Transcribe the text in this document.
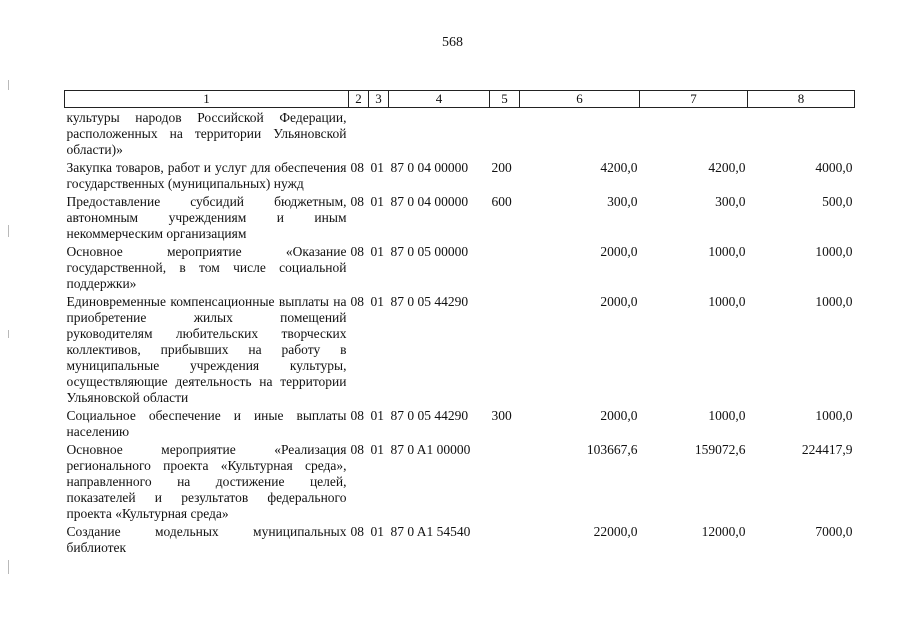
568
1	2	3	4	5	6	7	8
культуры народов Российской Федерации, расположенных на территории Ульяновской области)»							
Закупка товаров, работ и услуг для обеспечения государственных (муниципальных) нужд	08	01	87 0 04 00000	200	4200,0	4200,0	4000,0
Предоставление субсидий бюджетным, автономным учреждениям и иным некоммерческим организациям	08	01	87 0 04 00000	600	300,0	300,0	500,0
Основное мероприятие «Оказание государственной, в том числе социальной поддержки»	08	01	87 0 05 00000		2000,0	1000,0	1000,0
Единовременные компенсационные выплаты на приобретение жилых помещений руководителям любительских творческих коллективов, прибывших на работу в муниципальные учреждения культуры, осуществляющие деятельность на территории Ульяновской области	08	01	87 0 05 44290		2000,0	1000,0	1000,0
Социальное обеспечение и иные выплаты населению	08	01	87 0 05 44290	300	2000,0	1000,0	1000,0
Основное мероприятие «Реализация регионального проекта «Культурная среда», направленного на достижение целей, показателей и результатов федерального проекта «Культурная среда»	08	01	87 0 A1 00000		103667,6	159072,6	224417,9
Создание модельных муниципальных библиотек	08	01	87 0 A1 54540		22000,0	12000,0	7000,0
